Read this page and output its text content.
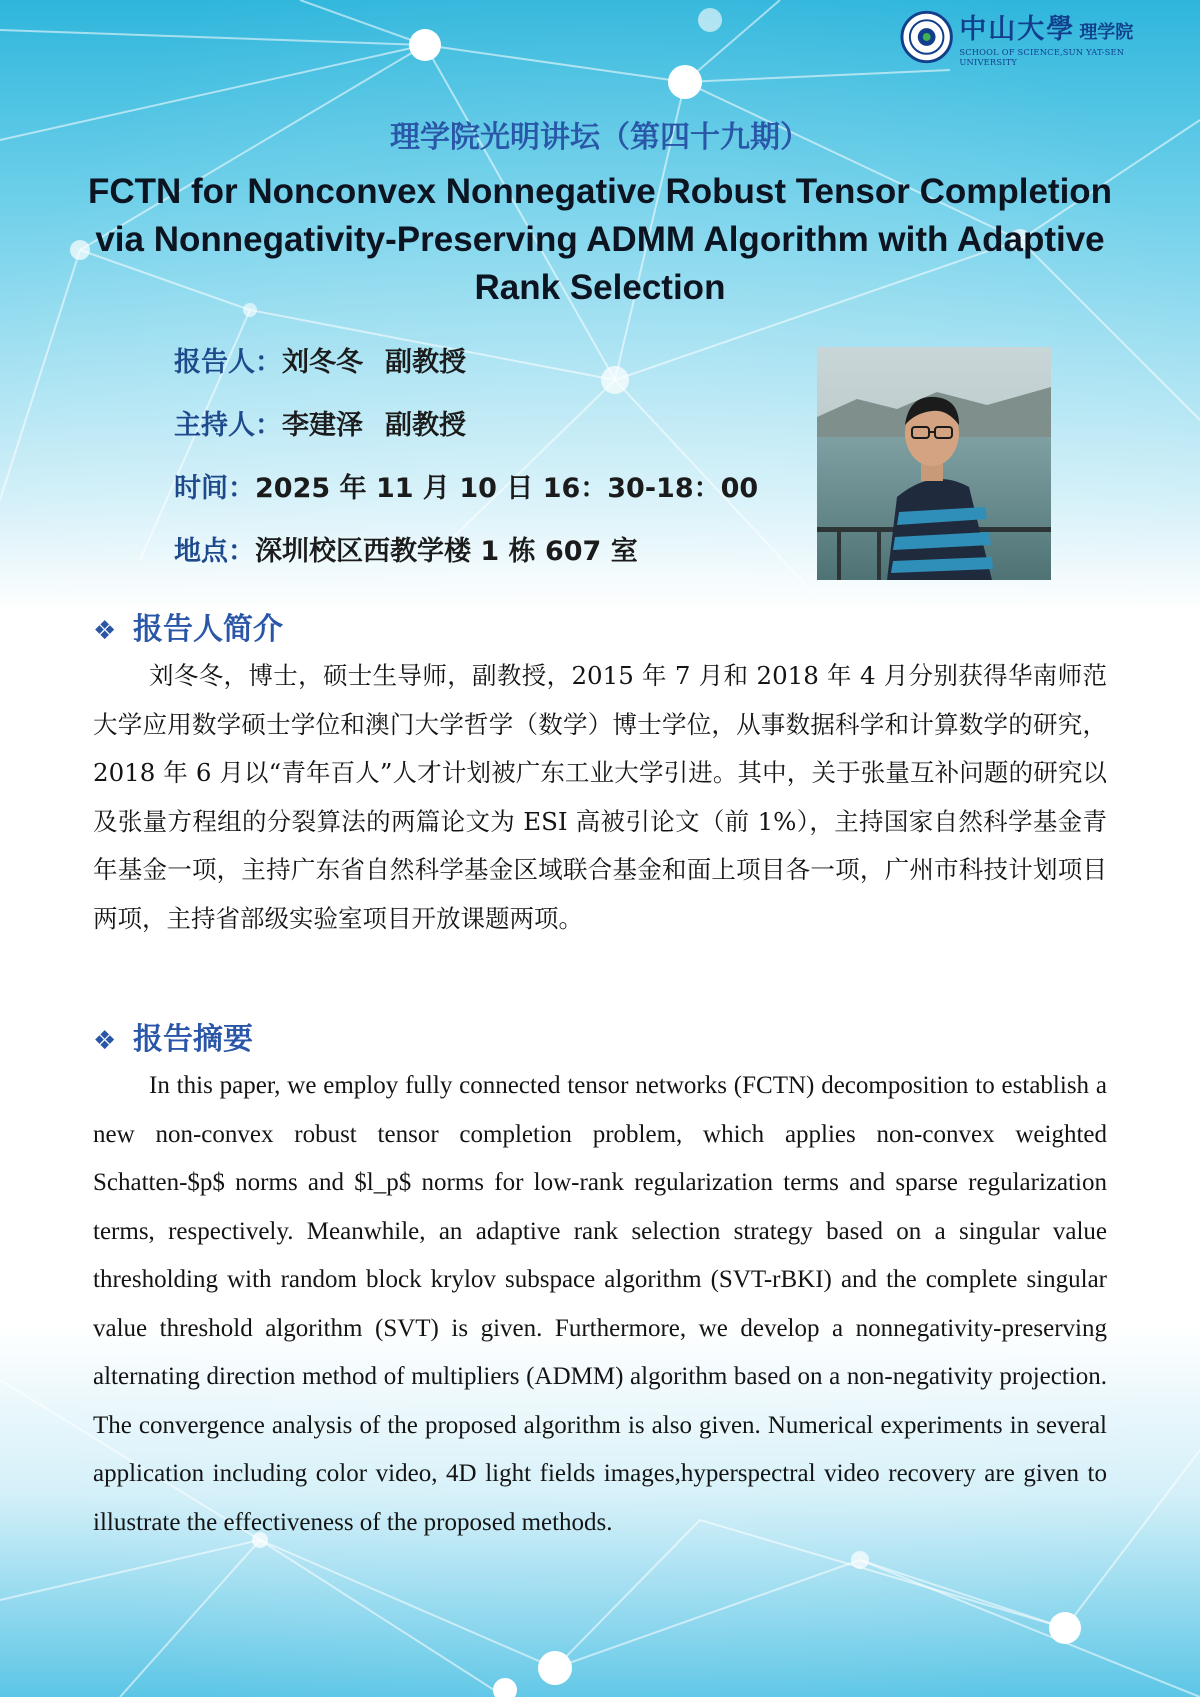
中山大學 理学院
SCHOOL OF SCIENCE,SUN YAT-SEN UNIVERSITY
理学院光明讲坛（第四十九期）
FCTN for Nonconvex Nonnegative Robust Tensor Completion via Nonnegativity-Preserving ADMM Algorithm with Adaptive Rank Selection
报告人：刘冬冬 副教授
主持人：李建泽 副教授
时间：2025 年 11 月 10 日 16：30-18：00
地点：深圳校区西教学楼 1 栋 607 室
❖ 报告人简介
刘冬冬，博士，硕士生导师，副教授，2015 年 7 月和 2018 年 4 月分别获得华南师范大学应用数学硕士学位和澳门大学哲学（数学）博士学位，从事数据科学和计算数学的研究，2018 年 6 月以“青年百人”人才计划被广东工业大学引进。其中，关于张量互补问题的研究以及张量方程组的分裂算法的两篇论文为 ESI 高被引论文（前 1%），主持国家自然科学基金青年基金一项，主持广东省自然科学基金区域联合基金和面上项目各一项，广州市科技计划项目两项，主持省部级实验室项目开放课题两项。
❖ 报告摘要
In this paper, we employ fully connected tensor networks (FCTN) decomposition to establish a new non-convex robust tensor completion problem, which applies non-convex weighted Schatten-$p$ norms and $l_p$ norms for low-rank regularization terms and sparse regularization terms, respectively. Meanwhile, an adaptive rank selection strategy based on a singular value thresholding with random block krylov subspace algorithm (SVT-rBKI) and the complete singular value threshold algorithm (SVT) is given. Furthermore, we develop a nonnegativity-preserving alternating direction method of multipliers (ADMM) algorithm based on a non-negativity projection. The convergence analysis of the proposed algorithm is also given. Numerical experiments in several application including color video, 4D light fields images,hyperspectral video recovery are given to illustrate the effectiveness of the proposed methods.
